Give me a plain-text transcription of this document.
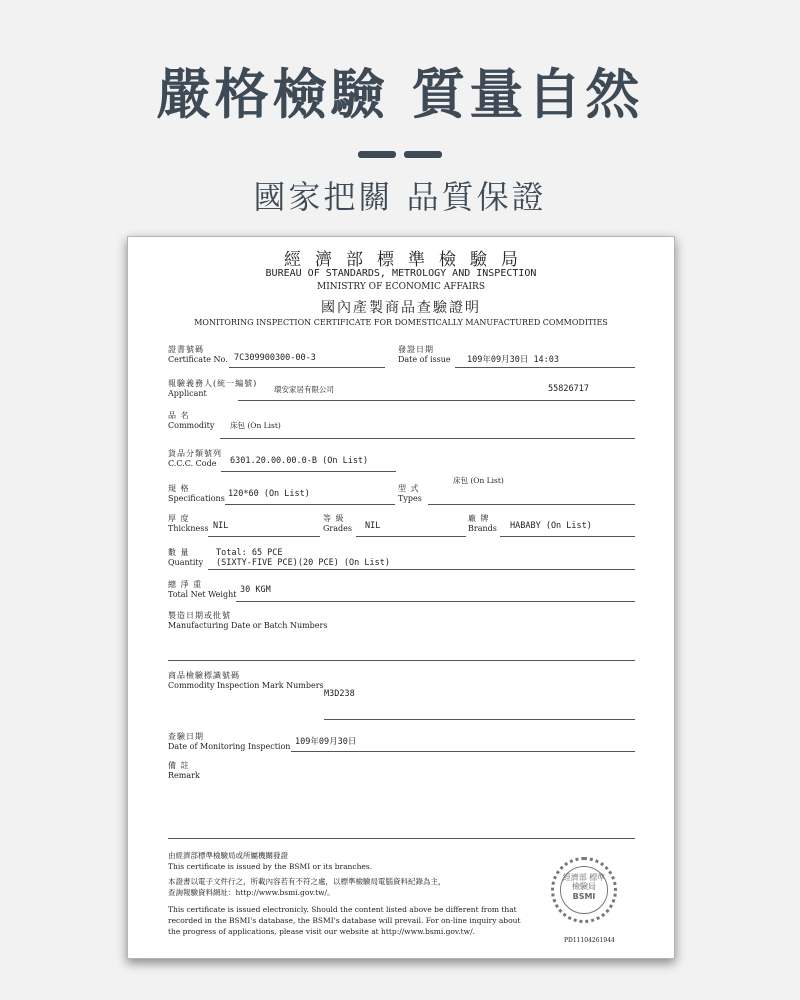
嚴格檢驗 質量自然
國家把關 品質保證
經濟部標準檢驗局
BUREAU OF STANDARDS, METROLOGY AND INSPECTION
MINISTRY OF ECONOMIC AFFAIRS
國內產製商品查驗證明
MONITORING INSPECTION CERTIFICATE FOR DOMESTICALLY MANUFACTURED COMMODITIES
證書號碼
Certificate No. 7C309900300-00-3
發證日期
Date of issue 109年09月30日 14:03
報驗義務人(統一編號)
Applicant	環安家居有限公司	55826717
品 名
Commodity 床包 (On List)
貨品分類號列
C.C.C. Code	6301.20.00.00.0-B (On List)
規 格
Specifications 120*60 (On List)
型 式
Types
床包 (On List)
厚 度
Thickness NIL
等 級
Grades NIL
廠 牌
Brands HABABY (On List)
數 量
Quantity
Total: 65 PCE
(SIXTY-FIVE PCE)(20 PCE) (On List)
總 淨 重
Total Net Weight 30 KGM
製造日期或批號
Manufacturing Date or Batch Numbers
商品檢驗標識號碼
Commodity Inspection Mark Numbers
M3D238
查驗日期
Date of Monitoring Inspection 109年09月30日
備 註
Remark
由經濟部標準檢驗局或所屬機關發證
This certificate is issued by the BSMI or its branches.
本證書以電子文件行之，所載內容若有不符之處，以標準檢驗局電腦資料紀錄為主，
查詢報驗資料網址：http://www.bsmi.gov.tw/。
This certificate is issued electronicly. Should the content listed above be different from that
recorded in the BSMI's database, the BSMI's database will prevail. For on-line inquiry about
the progress of applications, please visit our website at http://www.bsmi.gov.tw/.
經濟部 標準檢驗局
BSMI
PD11104261944
